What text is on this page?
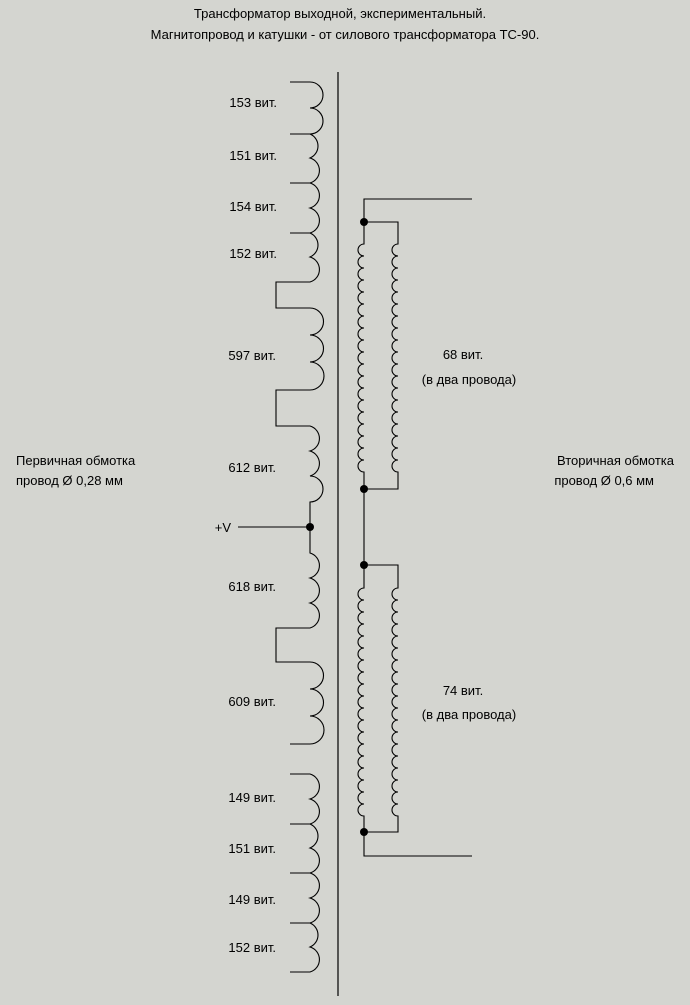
Трансформатор выходной, экспериментальный.
Магнитопровод и катушки - от силового трансформатора ТС-90.
153 вит.
151 вит.
154 вит.
152 вит.
597 вит.
612 вит.
618 вит.
609 вит.
149 вит.
151 вит.
149 вит.
152 вит.
+V
Первичная обмотка
провод Ø 0,28 мм
68 вит.
(в два провода)
74 вит.
(в два провода)
Вторичная обмотка
провод Ø 0,6 мм
